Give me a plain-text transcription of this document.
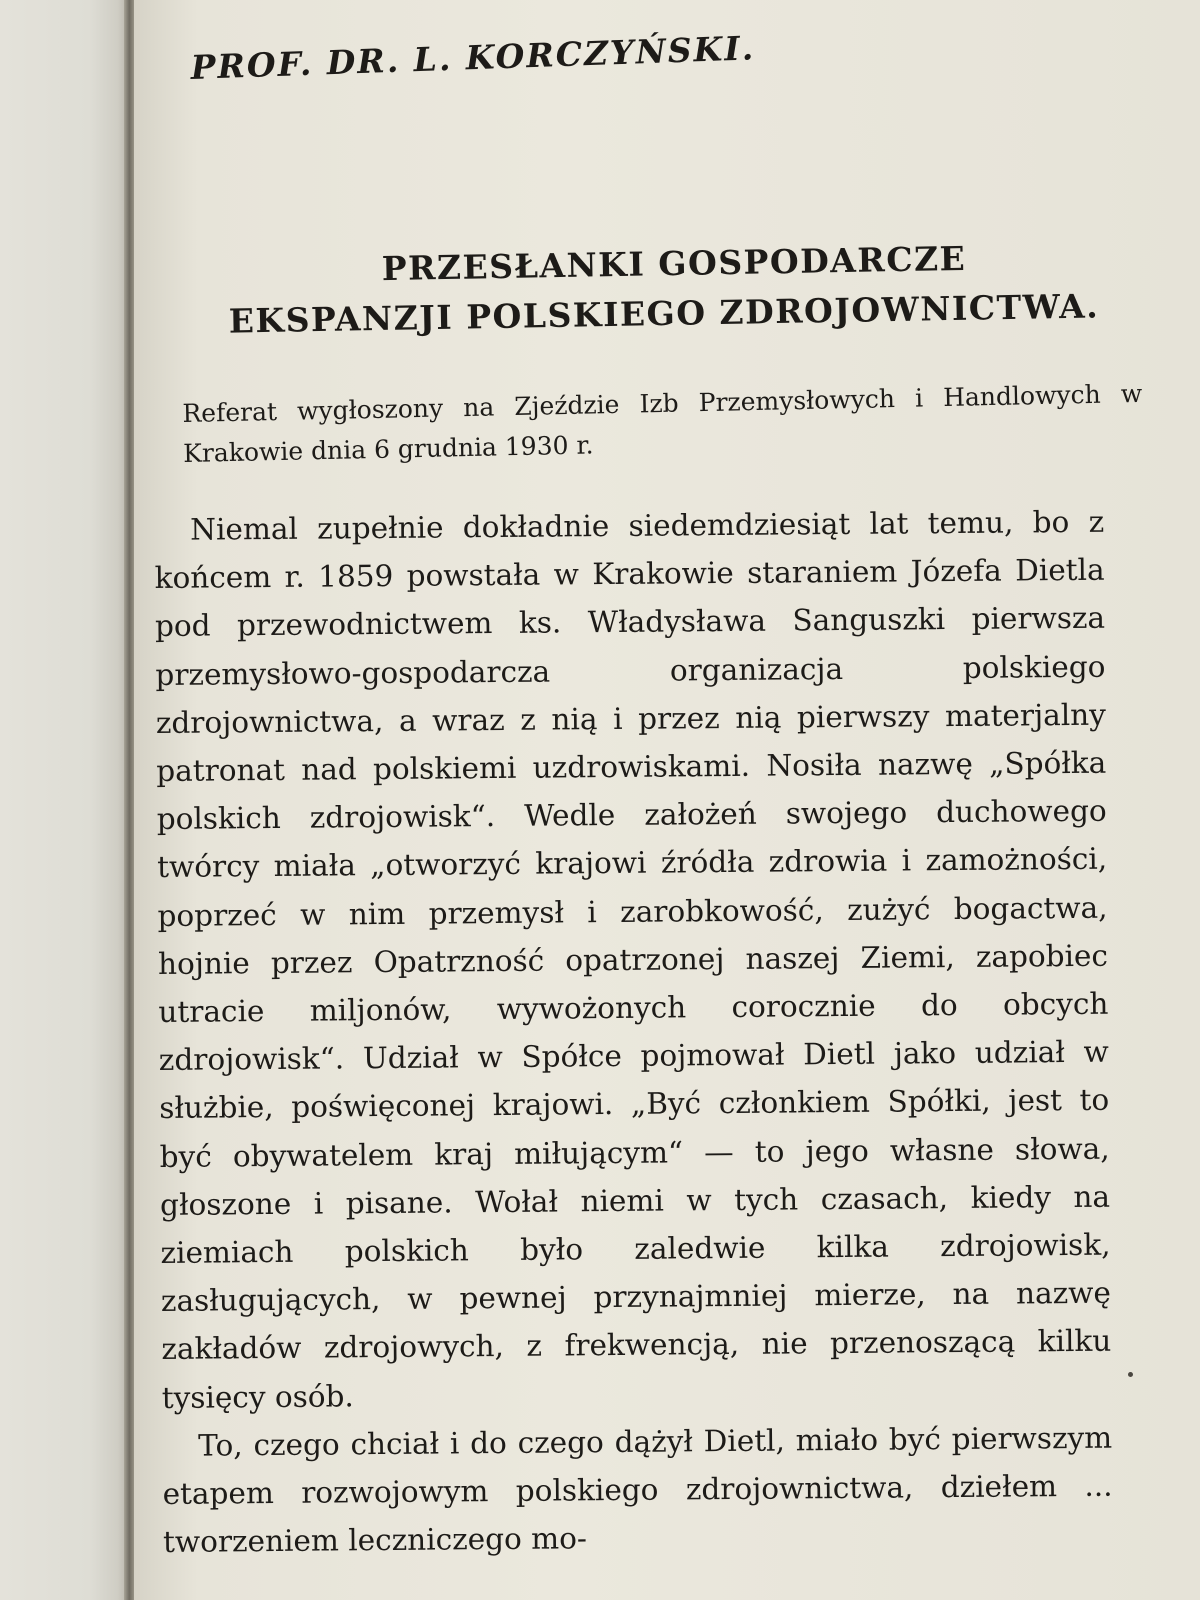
PROF. DR. L. KORCZYŃSKI.
PRZESŁANKI GOSPODARCZE
EKSPANZJI POLSKIEGO ZDROJOWNICTWA.
Referat wygłoszony na Zjeździe Izb Przemysłowych i Handlowych w Krakowie dnia 6 grudnia 1930 r.

Niemal zupełnie dokładnie siedemdziesiąt lat temu, bo z końcem r. 1859 powstała w Krakowie staraniem Józefa Dietla pod przewodnictwem ks. Władysława Sanguszki pierwsza przemysłowo-gospodarcza organizacja polskiego zdrojownictwa, a wraz z nią i przez nią pierwszy materjalny patronat nad polskiemi uzdrowiskami. Nosiła nazwę „Spółka polskich zdrojowisk“. Wedle założeń swojego duchowego twórcy miała „otworzyć krajowi źródła zdrowia i zamożności, poprzeć w nim przemysł i zarobkowość, zużyć bogactwa, hojnie przez Opatrzność opatrzonej naszej Ziemi, zapobiec utracie miljonów, wywożonych corocznie do obcych zdrojowisk“. Udział w Spółce pojmował Dietl jako udział w służbie, poświęconej krajowi. „Być członkiem Spółki, jest to być obywatelem kraj miłującym“ — to jego własne słowa, głoszone i pisane. Wołał niemi w tych czasach, kiedy na ziemiach polskich było zaledwie kilka zdrojowisk, zasługujących, w pewnej przynajmniej mierze, na nazwę zakładów zdrojowych, z frekwencją, nie przenoszącą kilku tysięcy osób.

To, czego chciał i do czego dążył Dietl, miało być pierwszym etapem rozwojowym polskiego zdrojownictwa, dziełem ... tworzeniem leczniczego mo-
